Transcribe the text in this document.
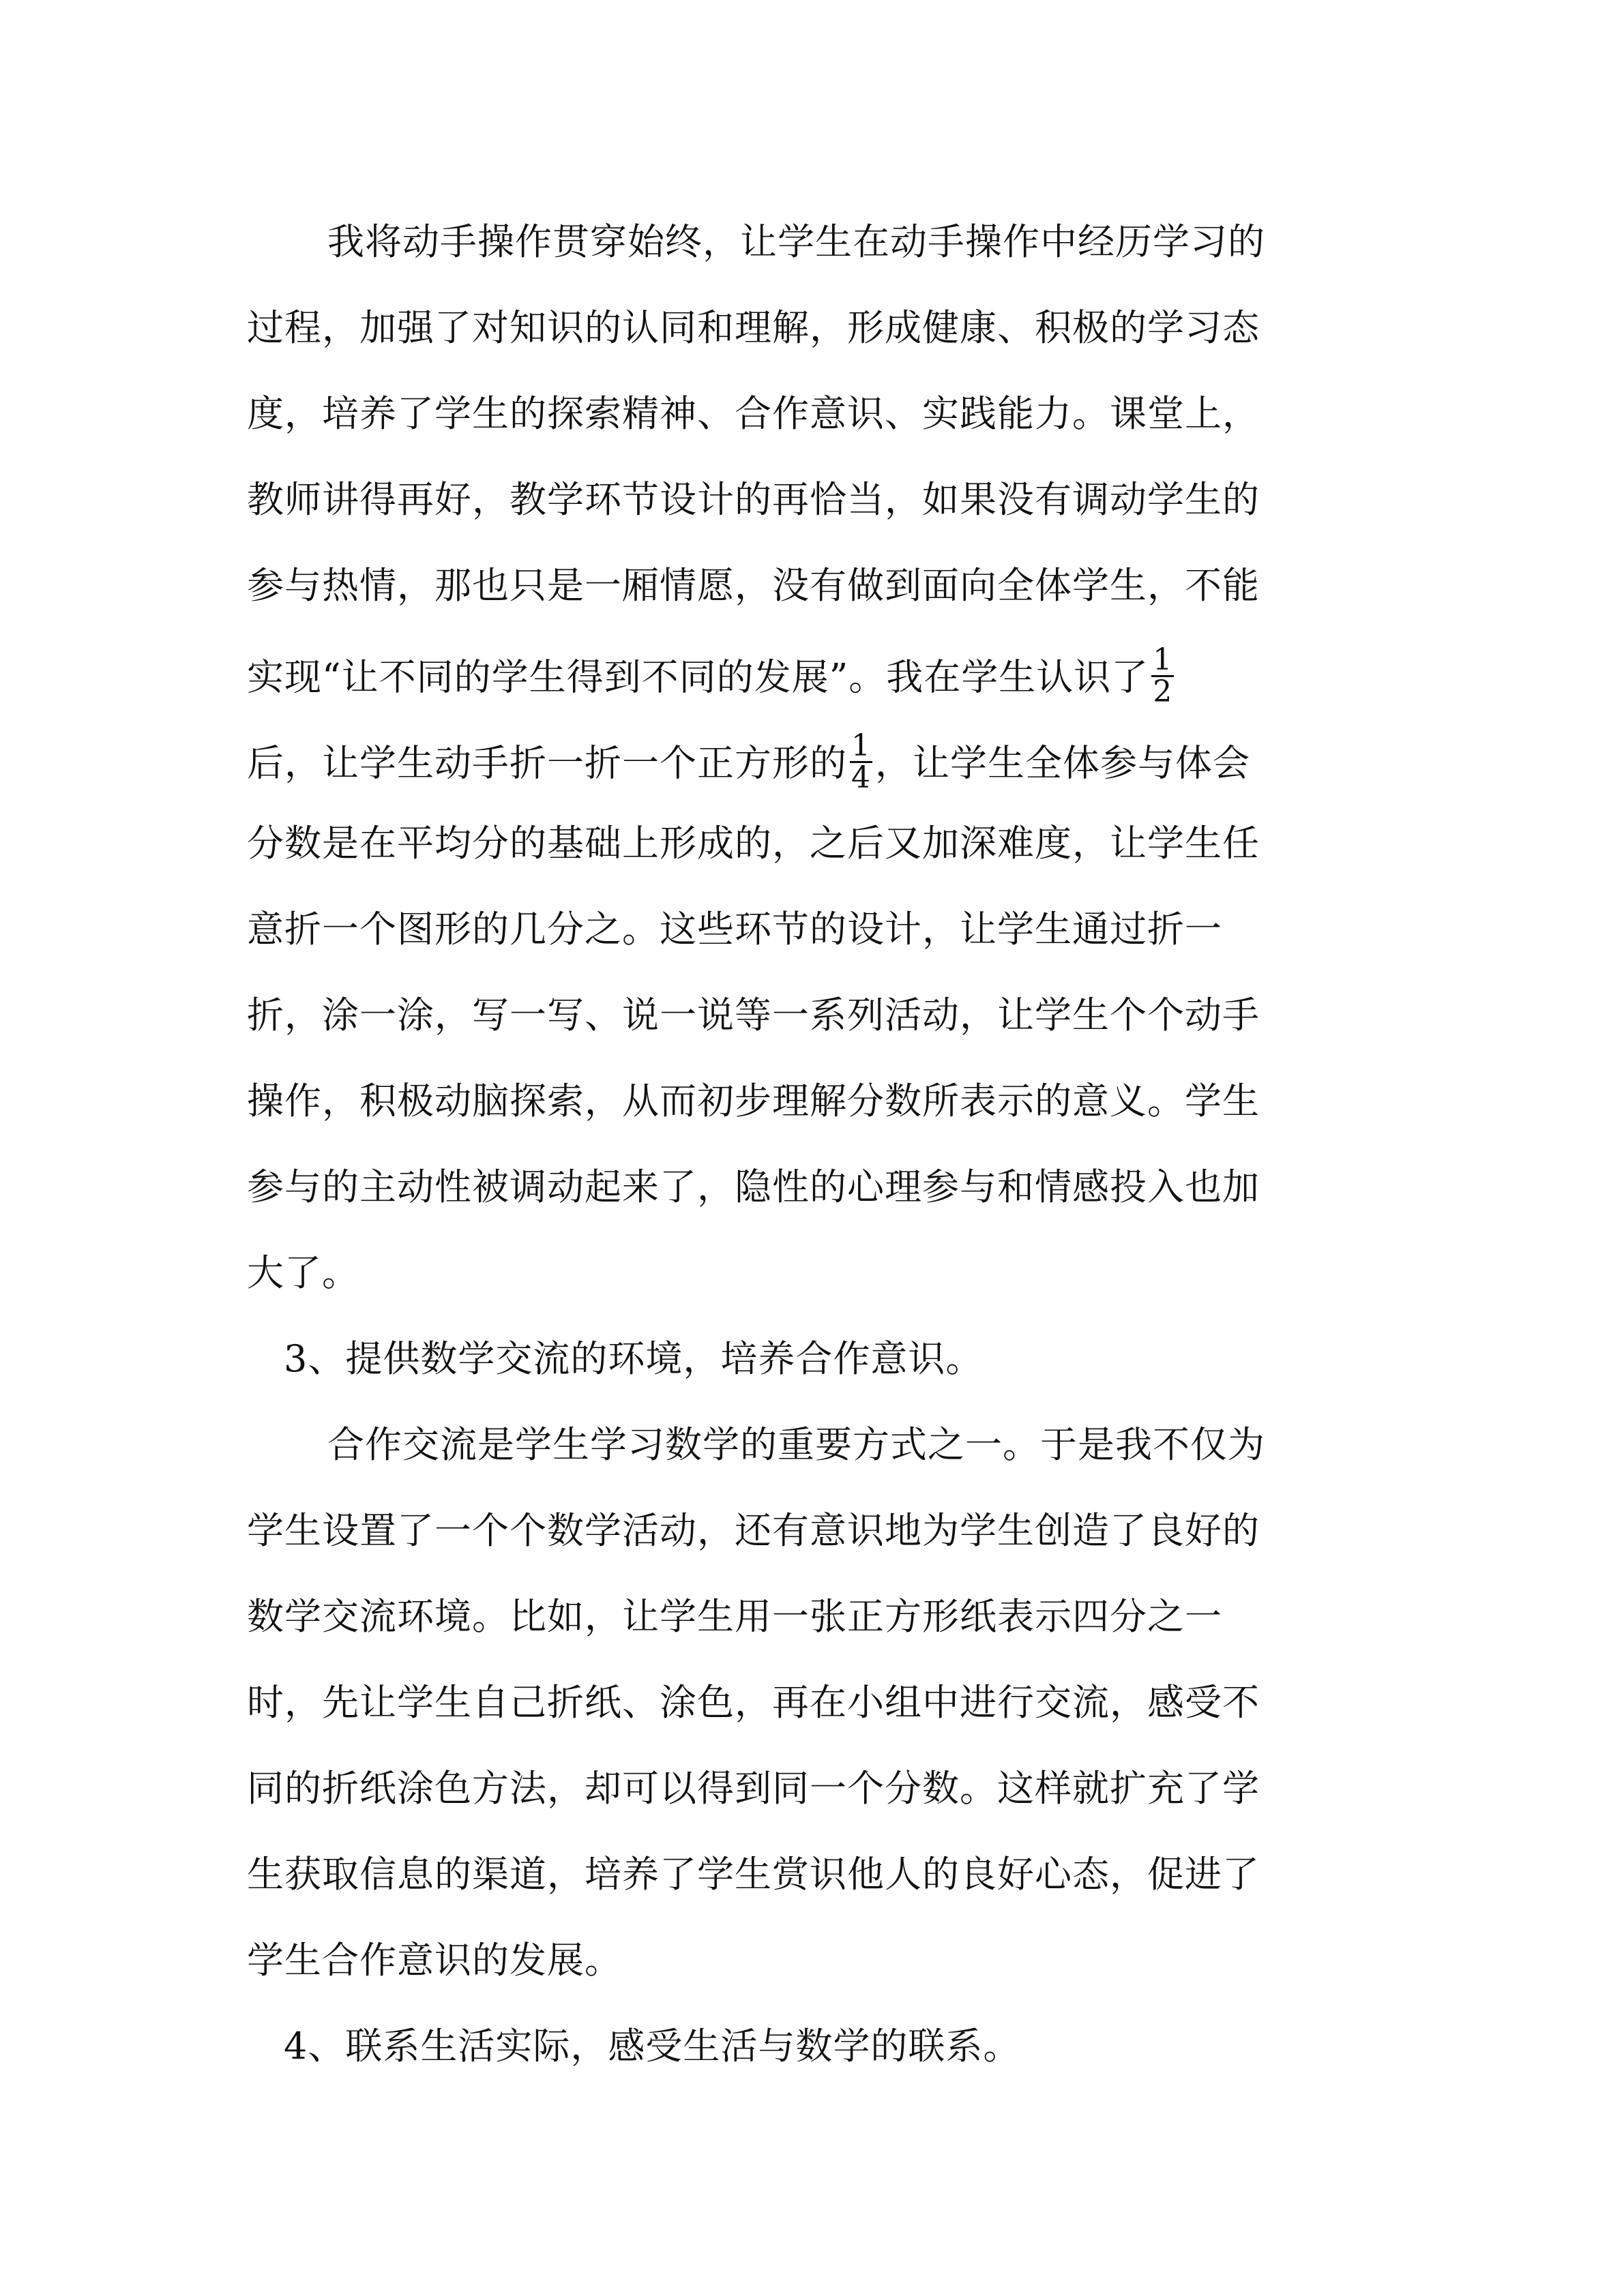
我将动手操作贯穿始终，让学生在动手操作中经历学习的
过程，加强了对知识的认同和理解，形成健康、积极的学习态
度，培养了学生的探索精神、合作意识、实践能力。课堂上，
教师讲得再好，教学环节设计的再恰当，如果没有调动学生的
参与热情，那也只是一厢情愿，没有做到面向全体学生，不能
实现“让不同的学生得到不同的发展”。我在学生认识了 $\frac{1}{2}$
后，让学生动手折一折一个正方形的 $\frac{1}{4}$ ，让学生全体参与体会
分数是在平均分的基础上形成的，之后又加深难度，让学生任
意折一个图形的几分之。这些环节的设计，让学生通过折一
折，涂一涂，写一写、说一说等一系列活动，让学生个个动手
操作，积极动脑探索，从而初步理解分数所表示的意义。学生
参与的主动性被调动起来了，隐性的心理参与和情感投入也加
大了。
3、提供数学交流的环境，培养合作意识。
合作交流是学生学习数学的重要方式之一。于是我不仅为
学生设置了一个个数学活动，还有意识地为学生创造了良好的
数学交流环境。比如，让学生用一张正方形纸表示四分之一
时，先让学生自己折纸、涂色，再在小组中进行交流，感受不
同的折纸涂色方法，却可以得到同一个分数。这样就扩充了学
生获取信息的渠道，培养了学生赏识他人的良好心态，促进了
学生合作意识的发展。
4、联系生活实际，感受生活与数学的联系。
